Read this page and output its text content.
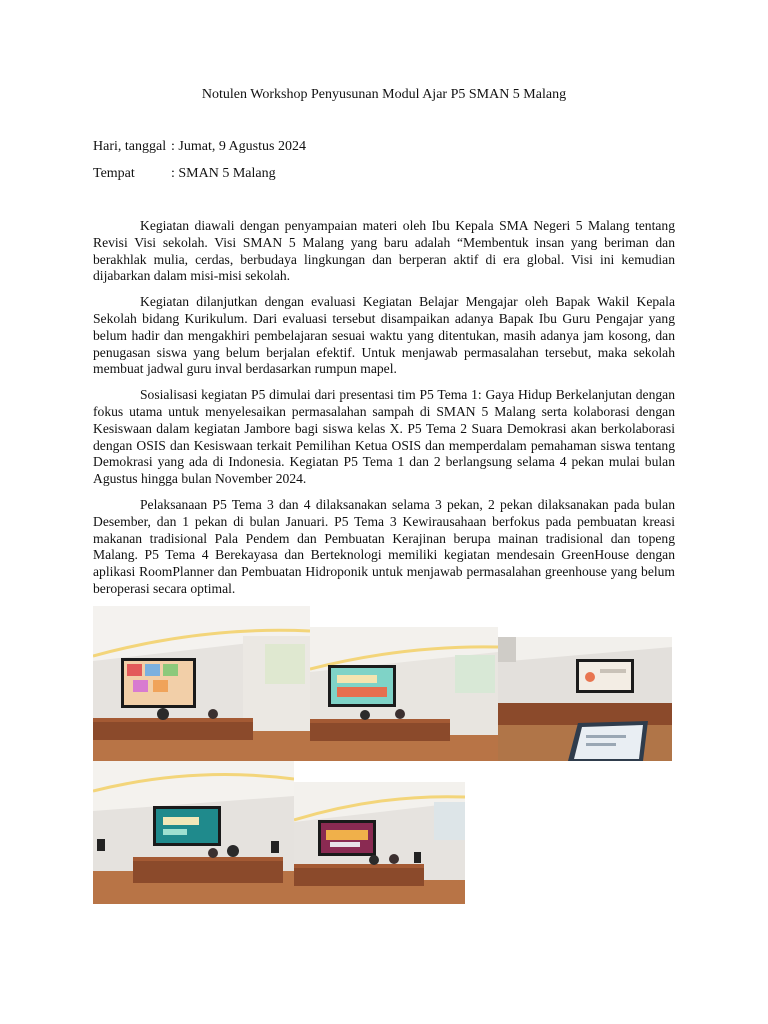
Notulen Workshop Penyusunan Modul Ajar P5 SMAN 5 Malang
Hari, tanggal : Jumat, 9 Agustus 2024
Tempat	: SMAN 5 Malang

Kegiatan diawali dengan penyampaian materi oleh Ibu Kepala SMA Negeri 5 Malang tentang Revisi Visi sekolah. Visi SMAN 5 Malang yang baru adalah “Membentuk insan yang beriman dan berakhlak mulia, cerdas, berbudaya lingkungan dan berperan aktif di era global. Visi ini kemudian dijabarkan dalam misi-misi sekolah.

Kegiatan dilanjutkan dengan evaluasi Kegiatan Belajar Mengajar oleh Bapak Wakil Kepala Sekolah bidang Kurikulum. Dari evaluasi tersebut disampaikan adanya Bapak Ibu Guru Pengajar yang belum hadir dan mengakhiri pembelajaran sesuai waktu yang ditentukan, masih adanya jam kosong, dan penugasan siswa yang belum berjalan efektif. Untuk menjawab permasalahan tersebut, maka sekolah membuat jadwal guru inval berdasarkan rumpun mapel.

Sosialisasi kegiatan P5 dimulai dari presentasi tim P5 Tema 1: Gaya Hidup Berkelanjutan dengan fokus utama untuk menyelesaikan permasalahan sampah di SMAN 5 Malang serta kolaborasi dengan Kesiswaan dalam kegiatan Jambore bagi siswa kelas X. P5 Tema 2 Suara Demokrasi akan berkolaborasi dengan OSIS dan Kesiswaan terkait Pemilihan Ketua OSIS dan memperdalam pemahaman siswa tentang Demokrasi yang ada di Indonesia. Kegiatan P5 Tema 1 dan 2 berlangsung selama 4 pekan mulai bulan Agustus hingga bulan November 2024.

Pelaksanaan P5 Tema 3 dan 4 dilaksanakan selama 3 pekan, 2 pekan dilaksanakan pada bulan Desember, dan 1 pekan di bulan Januari. P5 Tema 3 Kewirausahaan berfokus pada pembuatan kreasi makanan tradisional Pala Pendem dan Pembuatan Kerajinan berupa mainan tradisional dan topeng Malang. P5 Tema 4 Berekayasa dan Berteknologi memiliki kegiatan mendesain GreenHouse dengan aplikasi RoomPlanner dan Pembuatan Hidroponik untuk menjawab permasalahan greenhouse yang belum beroperasi secara optimal.
